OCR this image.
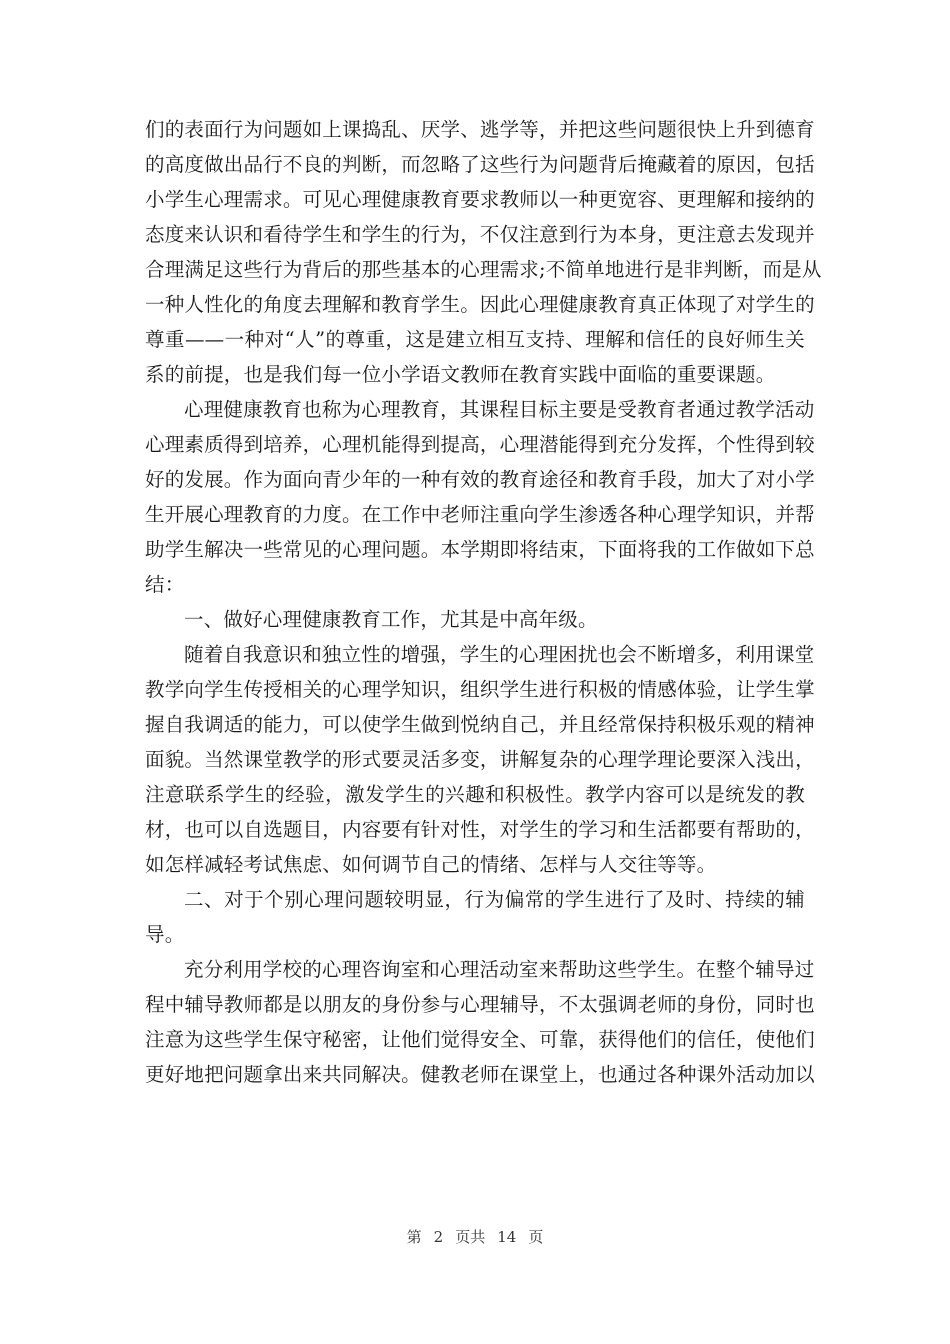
们的表面行为问题如上课捣乱、厌学、逃学等，并把这些问题很快上升到德育
的高度做出品行不良的判断，而忽略了这些行为问题背后掩藏着的原因，包括
小学生心理需求。可见心理健康教育要求教师以一种更宽容、更理解和接纳的
态度来认识和看待学生和学生的行为，不仅注意到行为本身，更注意去发现并
合理满足这些行为背后的那些基本的心理需求;不简单地进行是非判断，而是从
一种人性化的角度去理解和教育学生。因此心理健康教育真正体现了对学生的
尊重——一种对“人”的尊重，这是建立相互支持、理解和信任的良好师生关
系的前提，也是我们每一位小学语文教师在教育实践中面临的重要课题。
心理健康教育也称为心理教育，其课程目标主要是受教育者通过教学活动
心理素质得到培养，心理机能得到提高，心理潜能得到充分发挥，个性得到较
好的发展。作为面向青少年的一种有效的教育途径和教育手段，加大了对小学
生开展心理教育的力度。在工作中老师注重向学生渗透各种心理学知识，并帮
助学生解决一些常见的心理问题。本学期即将结束，下面将我的工作做如下总
结：
一、做好心理健康教育工作，尤其是中高年级。
随着自我意识和独立性的增强，学生的心理困扰也会不断增多，利用课堂
教学向学生传授相关的心理学知识，组织学生进行积极的情感体验，让学生掌
握自我调适的能力，可以使学生做到悦纳自己，并且经常保持积极乐观的精神
面貌。当然课堂教学的形式要灵活多变，讲解复杂的心理学理论要深入浅出，
注意联系学生的经验，激发学生的兴趣和积极性。教学内容可以是统发的教
材，也可以自选题目，内容要有针对性，对学生的学习和生活都要有帮助的，
如怎样减轻考试焦虑、如何调节自己的情绪、怎样与人交往等等。
二、对于个别心理问题较明显，行为偏常的学生进行了及时、持续的辅
导。
充分利用学校的心理咨询室和心理活动室来帮助这些学生。在整个辅导过
程中辅导教师都是以朋友的身份参与心理辅导，不太强调老师的身份，同时也
注意为这些学生保守秘密，让他们觉得安全、可靠，获得他们的信任，使他们
更好地把问题拿出来共同解决。健教老师在课堂上，也通过各种课外活动加以
第 2 页共 14 页
